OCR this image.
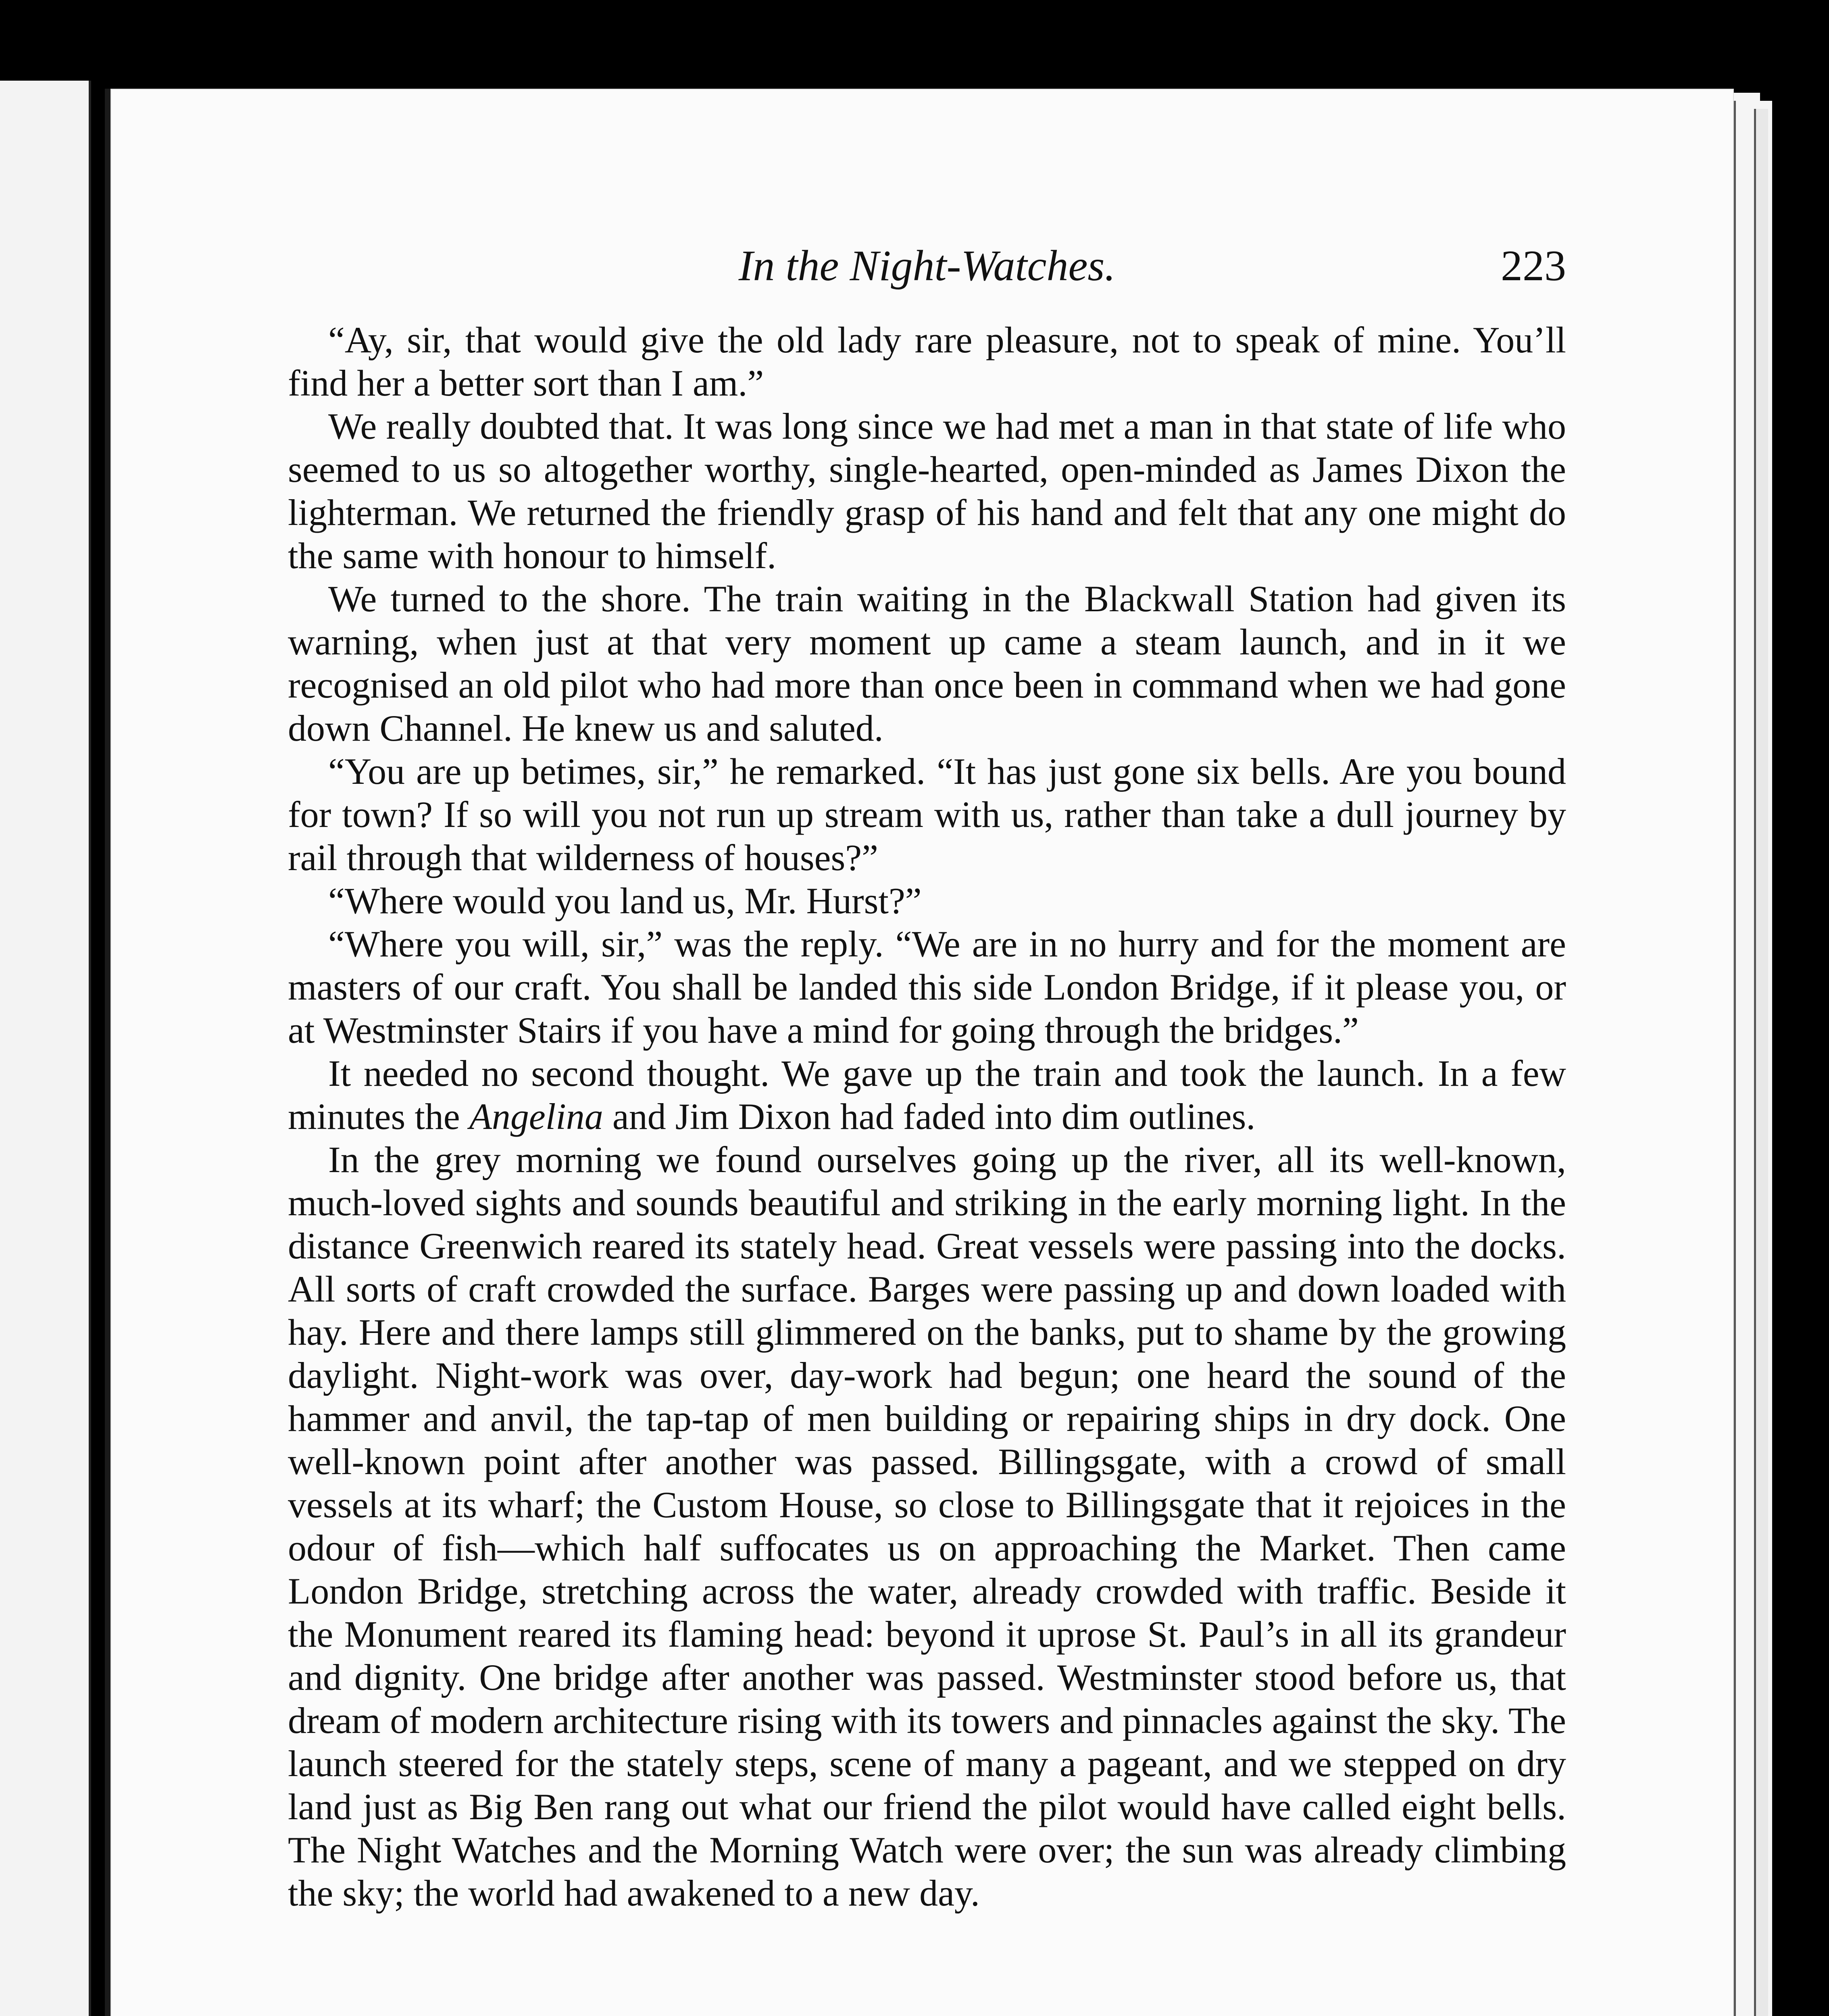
In the Night-Watches.	223

“Ay, sir, that would give the old lady rare pleasure, not to speak of mine. You’ll find her a better sort than I am.”

We really doubted that. It was long since we had met a man in that state of life who seemed to us so altogether worthy, single-hearted, open-minded as James Dixon the lighterman. We returned the friendly grasp of his hand and felt that any one might do the same with honour to himself.

We turned to the shore. The train waiting in the Blackwall Station had given its warning, when just at that very moment up came a steam launch, and in it we recognised an old pilot who had more than once been in command when we had gone down Channel. He knew us and saluted.

“You are up betimes, sir,” he remarked. “It has just gone six bells. Are you bound for town? If so will you not run up stream with us, rather than take a dull journey by rail through that wilderness of houses?”

“Where would you land us, Mr. Hurst?”

“Where you will, sir,” was the reply. “We are in no hurry and for the moment are masters of our craft. You shall be landed this side London Bridge, if it please you, or at Westminster Stairs if you have a mind for going through the bridges.”

It needed no second thought. We gave up the train and took the launch. In a few minutes the Angelina and Jim Dixon had faded into dim outlines.

In the grey morning we found ourselves going up the river, all its well-known, much-loved sights and sounds beautiful and striking in the early morning light. In the distance Greenwich reared its stately head. Great vessels were passing into the docks. All sorts of craft crowded the surface. Barges were passing up and down loaded with hay. Here and there lamps still glimmered on the banks, put to shame by the growing daylight. Night-work was over, day-work had begun; one heard the sound of the hammer and anvil, the tap-tap of men building or repairing ships in dry dock. One well-known point after another was passed. Billingsgate, with a crowd of small vessels at its wharf; the Custom House, so close to Billingsgate that it rejoices in the odour of fish—which half suffocates us on approaching the Market. Then came London Bridge, stretching across the water, already crowded with traffic. Beside it the Monument reared its flaming head: beyond it uprose St. Paul’s in all its grandeur and dignity. One bridge after another was passed. Westminster stood before us, that dream of modern architecture rising with its towers and pinnacles against the sky. The launch steered for the stately steps, scene of many a pageant, and we stepped on dry land just as Big Ben rang out what our friend the pilot would have called eight bells. The Night Watches and the Morning Watch were over; the sun was already climbing the sky; the world had awakened to a new day.
